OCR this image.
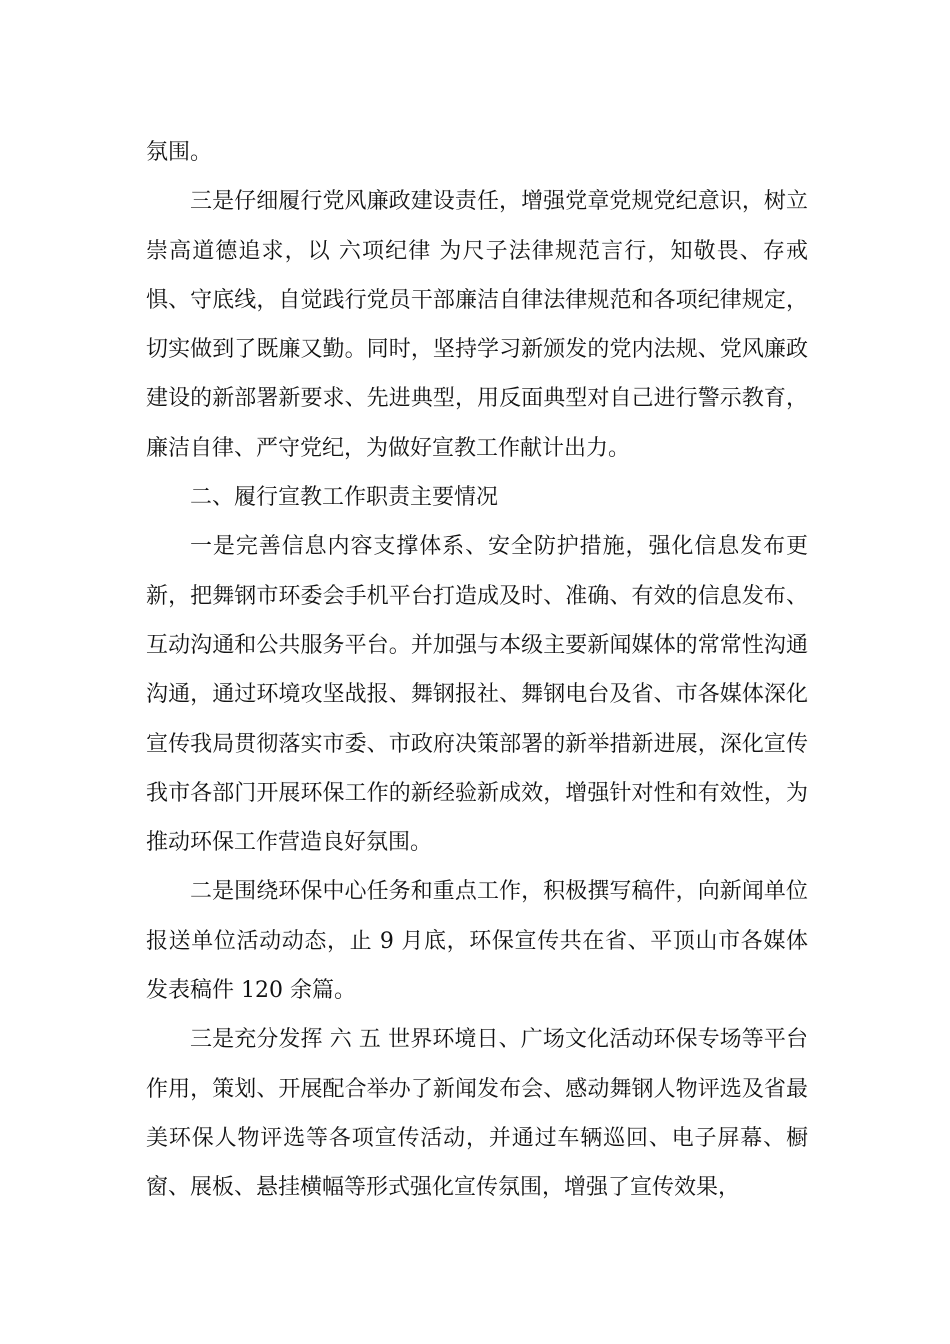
氛围。

三是仔细履行党风廉政建设责任，增强党章党规党纪意识，树立崇高道德追求，以 六项纪律 为尺子法律规范言行，知敬畏、存戒惧、守底线，自觉践行党员干部廉洁自律法律规范和各项纪律规定，切实做到了既廉又勤。同时，坚持学习新颁发的党内法规、党风廉政建设的新部署新要求、先进典型，用反面典型对自己进行警示教育，廉洁自律、严守党纪，为做好宣教工作献计出力。

二、履行宣教工作职责主要情况

一是完善信息内容支撑体系、安全防护措施，强化信息发布更新，把舞钢市环委会手机平台打造成及时、准确、有效的信息发布、互动沟通和公共服务平台。并加强与本级主要新闻媒体的常常性沟通沟通，通过环境攻坚战报、舞钢报社、舞钢电台及省、市各媒体深化宣传我局贯彻落实市委、市政府决策部署的新举措新进展，深化宣传我市各部门开展环保工作的新经验新成效，增强针对性和有效性，为推动环保工作营造良好氛围。

二是围绕环保中心任务和重点工作，积极撰写稿件，向新闻单位报送单位活动动态，止 9 月底，环保宣传共在省、平顶山市各媒体发表稿件 120 余篇。

三是充分发挥 六 五 世界环境日、广场文化活动环保专场等平台作用，策划、开展配合举办了新闻发布会、感动舞钢人物评选及省最美环保人物评选等各项宣传活动，并通过车辆巡回、电子屏幕、橱窗、展板、悬挂横幅等形式强化宣传氛围，增强了宣传效果，
